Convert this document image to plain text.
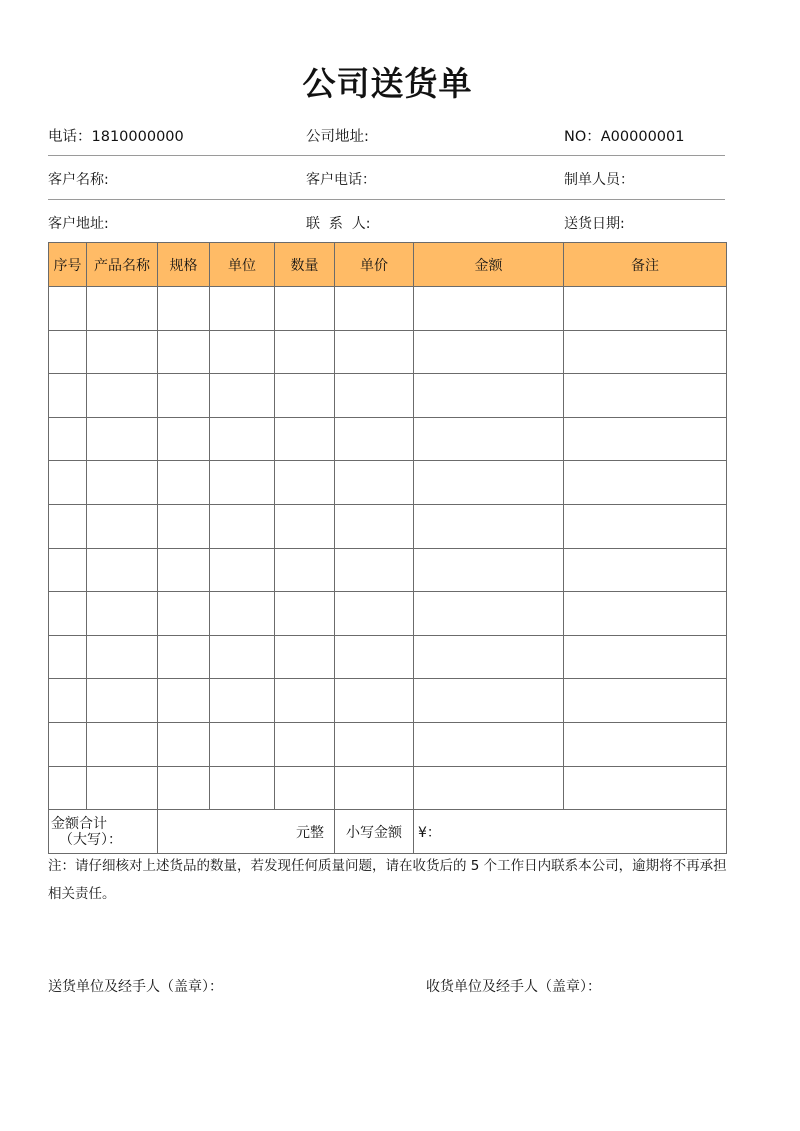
公司送货单
电话：1810000000	公司地址:	NO：A00000001
客户名称:	客户电话：	制单人员：
客户地址:	联  系  人:	送货日期:
序号	产品名称	规格	单位	数量	单价	金额	备注

金额合计
（大写）：		元整			小写金额	¥：	
注：请仔细核对上述货品的数量，若发现任何质量问题，请在收货后的 5 个工作日内联系本公司，逾期将不再承担相关责任。
送货单位及经手人（盖章）：	收货单位及经手人（盖章）：
